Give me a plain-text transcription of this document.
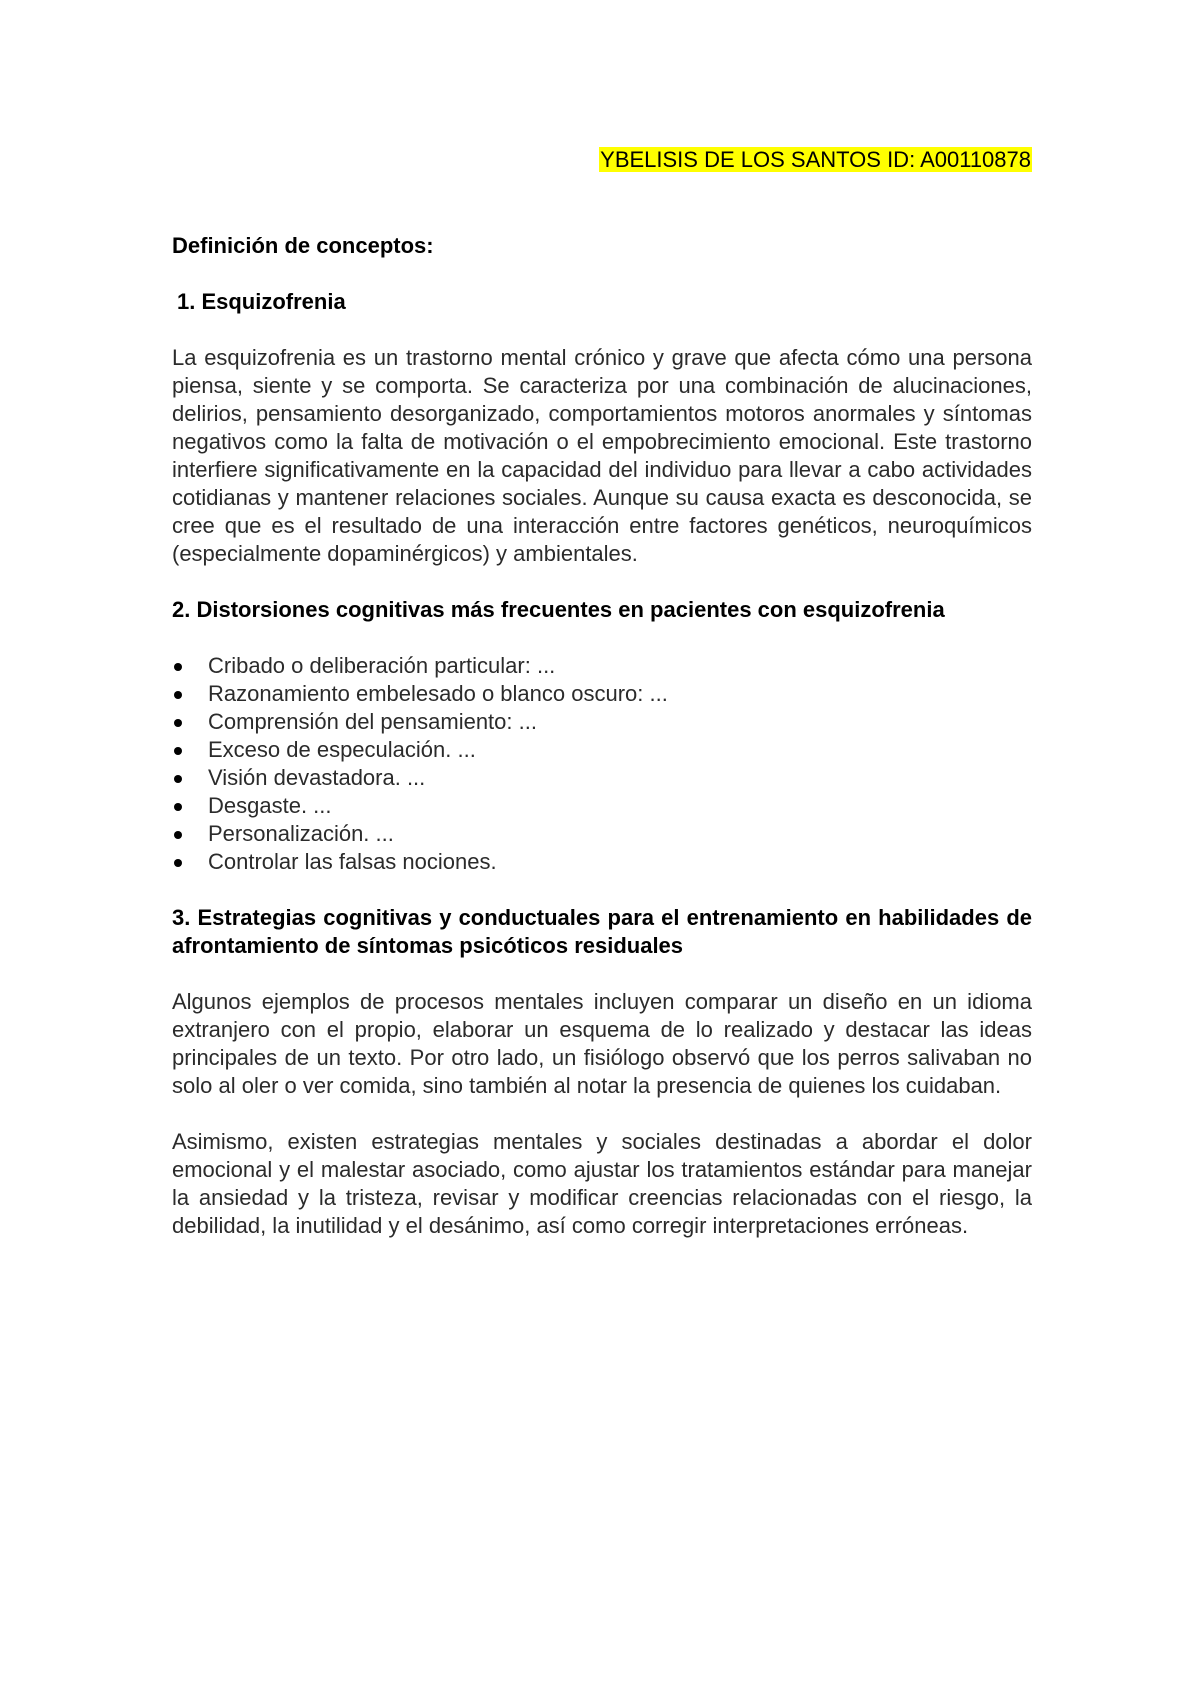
YBELISIS DE LOS SANTOS ID: A00110878
Definición de conceptos:
1. Esquizofrenia

La esquizofrenia es un trastorno mental crónico y grave que afecta cómo una persona piensa, siente y se comporta. Se caracteriza por una combinación de alucinaciones, delirios, pensamiento desorganizado, comportamientos motoros anormales y síntomas negativos como la falta de motivación o el empobrecimiento emocional. Este trastorno interfiere significativamente en la capacidad del individuo para llevar a cabo actividades cotidianas y mantener relaciones sociales. Aunque su causa exacta es desconocida, se cree que es el resultado de una interacción entre factores genéticos, neuroquímicos (especialmente dopaminérgicos) y ambientales.

2. Distorsiones cognitivas más frecuentes en pacientes con esquizofrenia
Cribado o deliberación particular: ...
Razonamiento embelesado o blanco oscuro: ...
Comprensión del pensamiento: ...
Exceso de especulación. ...
Visión devastadora. ...
Desgaste. ...
Personalización. ...
Controlar las falsas nociones.
3. Estrategias cognitivas y conductuales para el entrenamiento en habilidades de afrontamiento de síntomas psicóticos residuales

Algunos ejemplos de procesos mentales incluyen comparar un diseño en un idioma extranjero con el propio, elaborar un esquema de lo realizado y destacar las ideas principales de un texto. Por otro lado, un fisiólogo observó que los perros salivaban no solo al oler o ver comida, sino también al notar la presencia de quienes los cuidaban.

Asimismo, existen estrategias mentales y sociales destinadas a abordar el dolor emocional y el malestar asociado, como ajustar los tratamientos estándar para manejar la ansiedad y la tristeza, revisar y modificar creencias relacionadas con el riesgo, la debilidad, la inutilidad y el desánimo, así como corregir interpretaciones erróneas.
